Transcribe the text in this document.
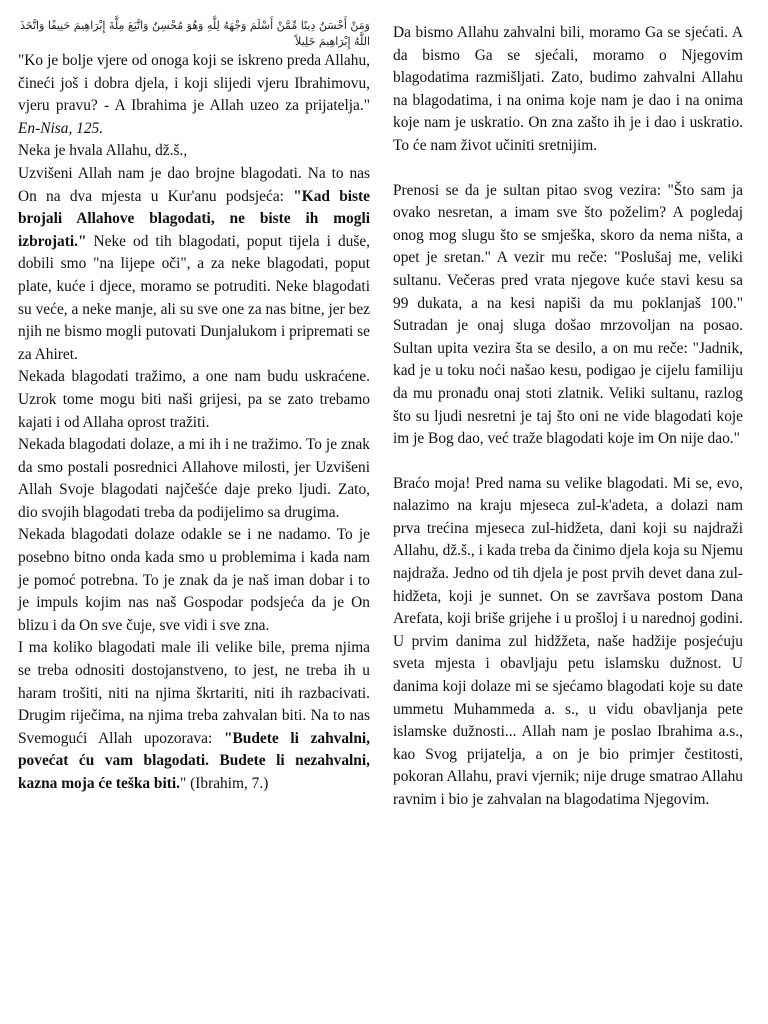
وَمَنْ أَحْسَنُ دِينًا مِّمَّنْ أَسْلَمَ وَجْهَهُ لِلَّهِ وَهُوَ مُحْسِنٌ وَاتَّبَعَ مِلَّةَ إِبْرَاهِيمَ حَنِيفًا وَاتَّخَذَ اللَّهُ إِبْرَاهِيمَ خَلِيلاً

"Ko je bolje vjere od onoga koji se iskreno preda Allahu, čineći još i dobra djela, i koji slijedi vjeru Ibrahimovu, vjeru pravu? - A Ibrahima je Allah uzeo za prijatelja." En-Nisa, 125.

Neka je hvala Allahu, dž.š.,

Uzvišeni Allah nam je dao brojne blagodati. Na to nas On na dva mjesta u Kur'anu podsjeća: "Kad biste brojali Allahove blagodati, ne biste ih mogli izbrojati." Neke od tih blagodati, poput tijela i duše, dobili smo "na lijepe oči", a za neke blagodati, poput plate, kuće i djece, moramo se potruditi. Neke blagodati su veće, a neke manje, ali su sve one za nas bitne, jer bez njih ne bismo mogli putovati Dunjalukom i pripremati se za Ahiret.

Nekada blagodati tražimo, a one nam budu uskraćene. Uzrok tome mogu biti naši grijesi, pa se zato trebamo kajati i od Allaha oprost tražiti.

Nekada blagodati dolaze, a mi ih i ne tražimo. To je znak da smo postali posrednici Allahove milosti, jer Uzvišeni Allah Svoje blagodati najčešće daje preko ljudi. Zato, dio svojih blagodati treba da podijelimo sa drugima.

Nekada blagodati dolaze odakle se i ne nadamo. To je posebno bitno onda kada smo u problemima i kada nam je pomoć potrebna. To je znak da je naš iman dobar i to je impuls kojim nas naš Gospodar podsjeća da je On blizu i da On sve čuje, sve vidi i sve zna.

I ma koliko blagodati male ili velike bile, prema njima se treba odnositi dostojanstveno, to jest, ne treba ih u haram trošiti, niti na njima škrtariti, niti ih razbacivati. Drugim riječima, na njima treba zahvalan biti. Na to nas Svemogući Allah upozorava: "Budete li zahvalni, povećat ću vam blagodati. Budete li nezahvalni, kazna moja će teška biti." (Ibrahim, 7.)

Da bismo Allahu zahvalni bili, moramo Ga se sjećati. A da bismo Ga se sjećali, moramo o Njegovim blagodatima razmišljati. Zato, budimo zahvalni Allahu na blagodatima, i na onima koje nam je dao i na onima koje nam je uskratio. On zna zašto ih je i dao i uskratio. To će nam život učiniti sretnijim.

Prenosi se da je sultan pitao svog vezira: "Što sam ja ovako nesretan, a imam sve što poželim? A pogledaj onog mog slugu što se smješka, skoro da nema ništa, a opet je sretan." A vezir mu reče: "Poslušaj me, veliki sultanu. Večeras pred vrata njegove kuće stavi kesu sa 99 dukata, a na kesi napiši da mu poklanjaš 100." Sutradan je onaj sluga došao mrzovoljan na posao. Sultan upita vezira šta se desilo, a on mu reče: "Jadnik, kad je u toku noći našao kesu, podigao je cijelu familiju da mu pronađu onaj stoti zlatnik. Veliki sultanu, razlog što su ljudi nesretni je taj što oni ne vide blagodati koje im je Bog dao, već traže blagodati koje im On nije dao."

Braćo moja! Pred nama su velike blagodati. Mi se, evo, nalazimo na kraju mjeseca zul-k'adeta, a dolazi nam prva trećina mjeseca zul-hidžeta, dani koji su najdraži Allahu, dž.š., i kada treba da činimo djela koja su Njemu najdraža. Jedno od tih djela je post prvih devet dana zul-hidžeta, koji je sunnet. On se završava postom Dana Arefata, koji briše grijehe i u prošloj i u narednoj godini. U prvim danima zul hidžžeta, naše hadžije posjećuju sveta mjesta i obavljaju petu islamsku dužnost. U danima koji dolaze mi se sjećamo blagodati koje su date ummetu Muhammeda a. s., u vidu obavljanja pete islamske dužnosti... Allah nam je poslao Ibrahima a.s., kao Svog prijatelja, a on je bio primjer čestitosti, pokoran Allahu, pravi vjernik; nije druge smatrao Allahu ravnim i bio je zahvalan na blagodatima Njegovim.
